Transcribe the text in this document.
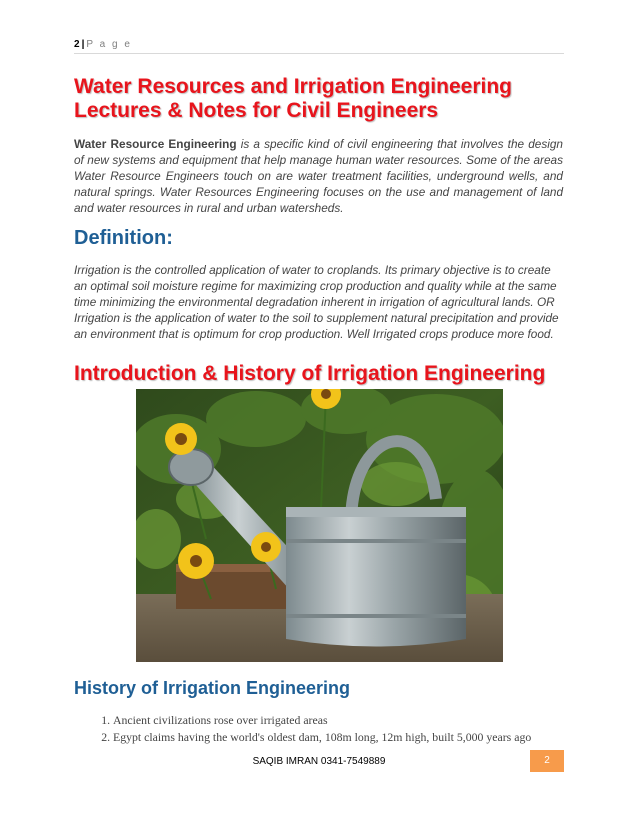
2 | P a g e
Water Resources and Irrigation Engineering
Lectures & Notes for Civil Engineers

Water Resource Engineering is a specific kind of civil engineering that involves the design of new systems and equipment that help manage human water resources. Some of the areas Water Resource Engineers touch on are water treatment facilities, underground wells, and natural springs. Water Resources Engineering focuses on the use and management of land and water resources in rural and urban watersheds.

Definition:

Irrigation is the controlled application of water to croplands. Its primary objective is to create an optimal soil moisture regime for maximizing crop production and quality while at the same time minimizing the environmental degradation inherent in irrigation of agricultural lands. OR Irrigation is the application of water to the soil to supplement natural precipitation and provide an environment that is optimum for crop production. Well Irrigated crops produce more food.

Introduction & History of Irrigation Engineering
History of Irrigation Engineering
1. Ancient civilizations rose over irrigated areas
2. Egypt claims having the world's oldest dam, 108m long, 12m high, built 5,000 years ago
SAQIB IMRAN 0341-7549889	2
